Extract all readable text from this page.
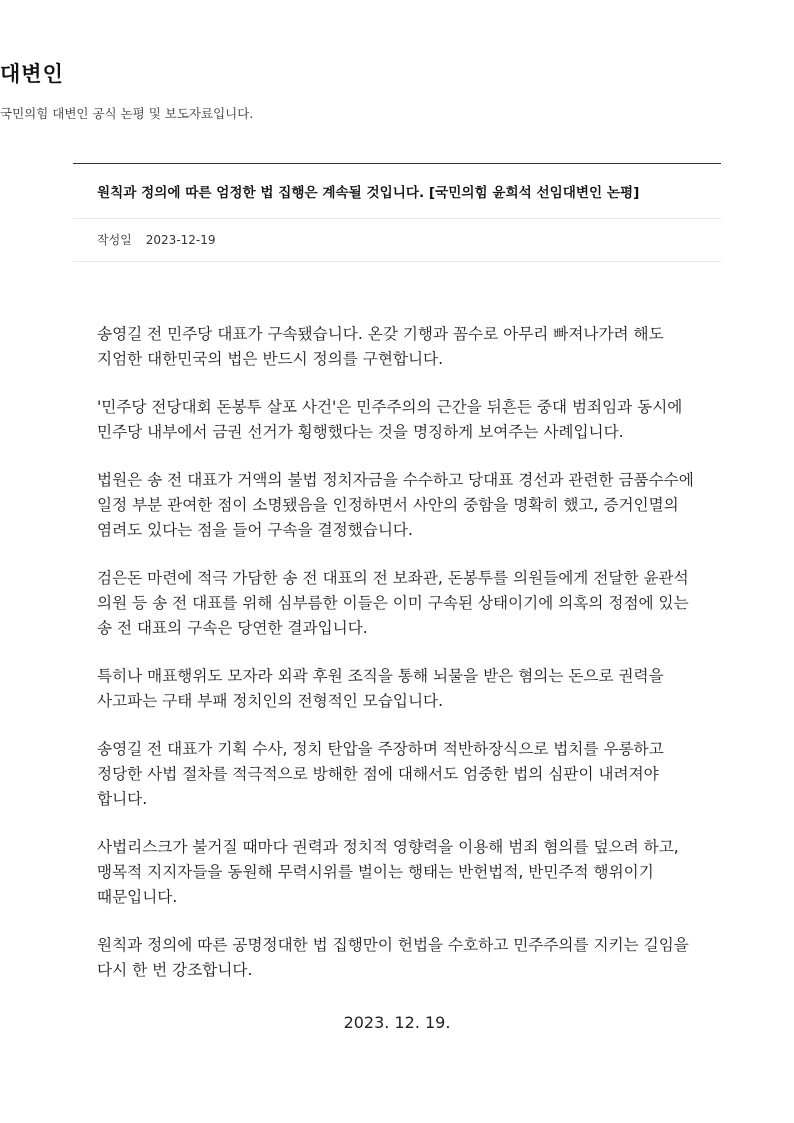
대변인

국민의힘 대변인 공식 논평 및 보도자료입니다.

원칙과 정의에 따른 엄정한 법 집행은 계속될 것입니다. [국민의힘 윤희석 선임대변인 논평]
작성일 2023-12-19

송영길 전 민주당 대표가 구속됐습니다. 온갖 기행과 꼼수로 아무리 빠져나가려 해도 지엄한 대한민국의 법은 반드시 정의를 구현합니다.

'민주당 전당대회 돈봉투 살포 사건'은 민주주의의 근간을 뒤흔든 중대 범죄임과 동시에 민주당 내부에서 금권 선거가 횡행했다는 것을 명징하게 보여주는 사례입니다.

법원은 송 전 대표가 거액의 불법 정치자금을 수수하고 당대표 경선과 관련한 금품수수에 일정 부분 관여한 점이 소명됐음을 인정하면서 사안의 중함을 명확히 했고, 증거인멸의 염려도 있다는 점을 들어 구속을 결정했습니다.

검은돈 마련에 적극 가담한 송 전 대표의 전 보좌관, 돈봉투를 의원들에게 전달한 윤관석 의원 등 송 전 대표를 위해 심부름한 이들은 이미 구속된 상태이기에 의혹의 정점에 있는 송 전 대표의 구속은 당연한 결과입니다.

특히나 매표행위도 모자라 외곽 후원 조직을 통해 뇌물을 받은 혐의는 돈으로 권력을 사고파는 구태 부패 정치인의 전형적인 모습입니다.

송영길 전 대표가 기획 수사, 정치 탄압을 주장하며 적반하장식으로 법치를 우롱하고 정당한 사법 절차를 적극적으로 방해한 점에 대해서도 엄중한 법의 심판이 내려져야 합니다.

사법리스크가 불거질 때마다 권력과 정치적 영향력을 이용해 범죄 혐의를 덮으려 하고, 맹목적 지지자들을 동원해 무력시위를 벌이는 행태는 반헌법적, 반민주적 행위이기 때문입니다.

원칙과 정의에 따른 공명정대한 법 집행만이 헌법을 수호하고 민주주의를 지키는 길임을 다시 한 번 강조합니다.

2023. 12. 19.
